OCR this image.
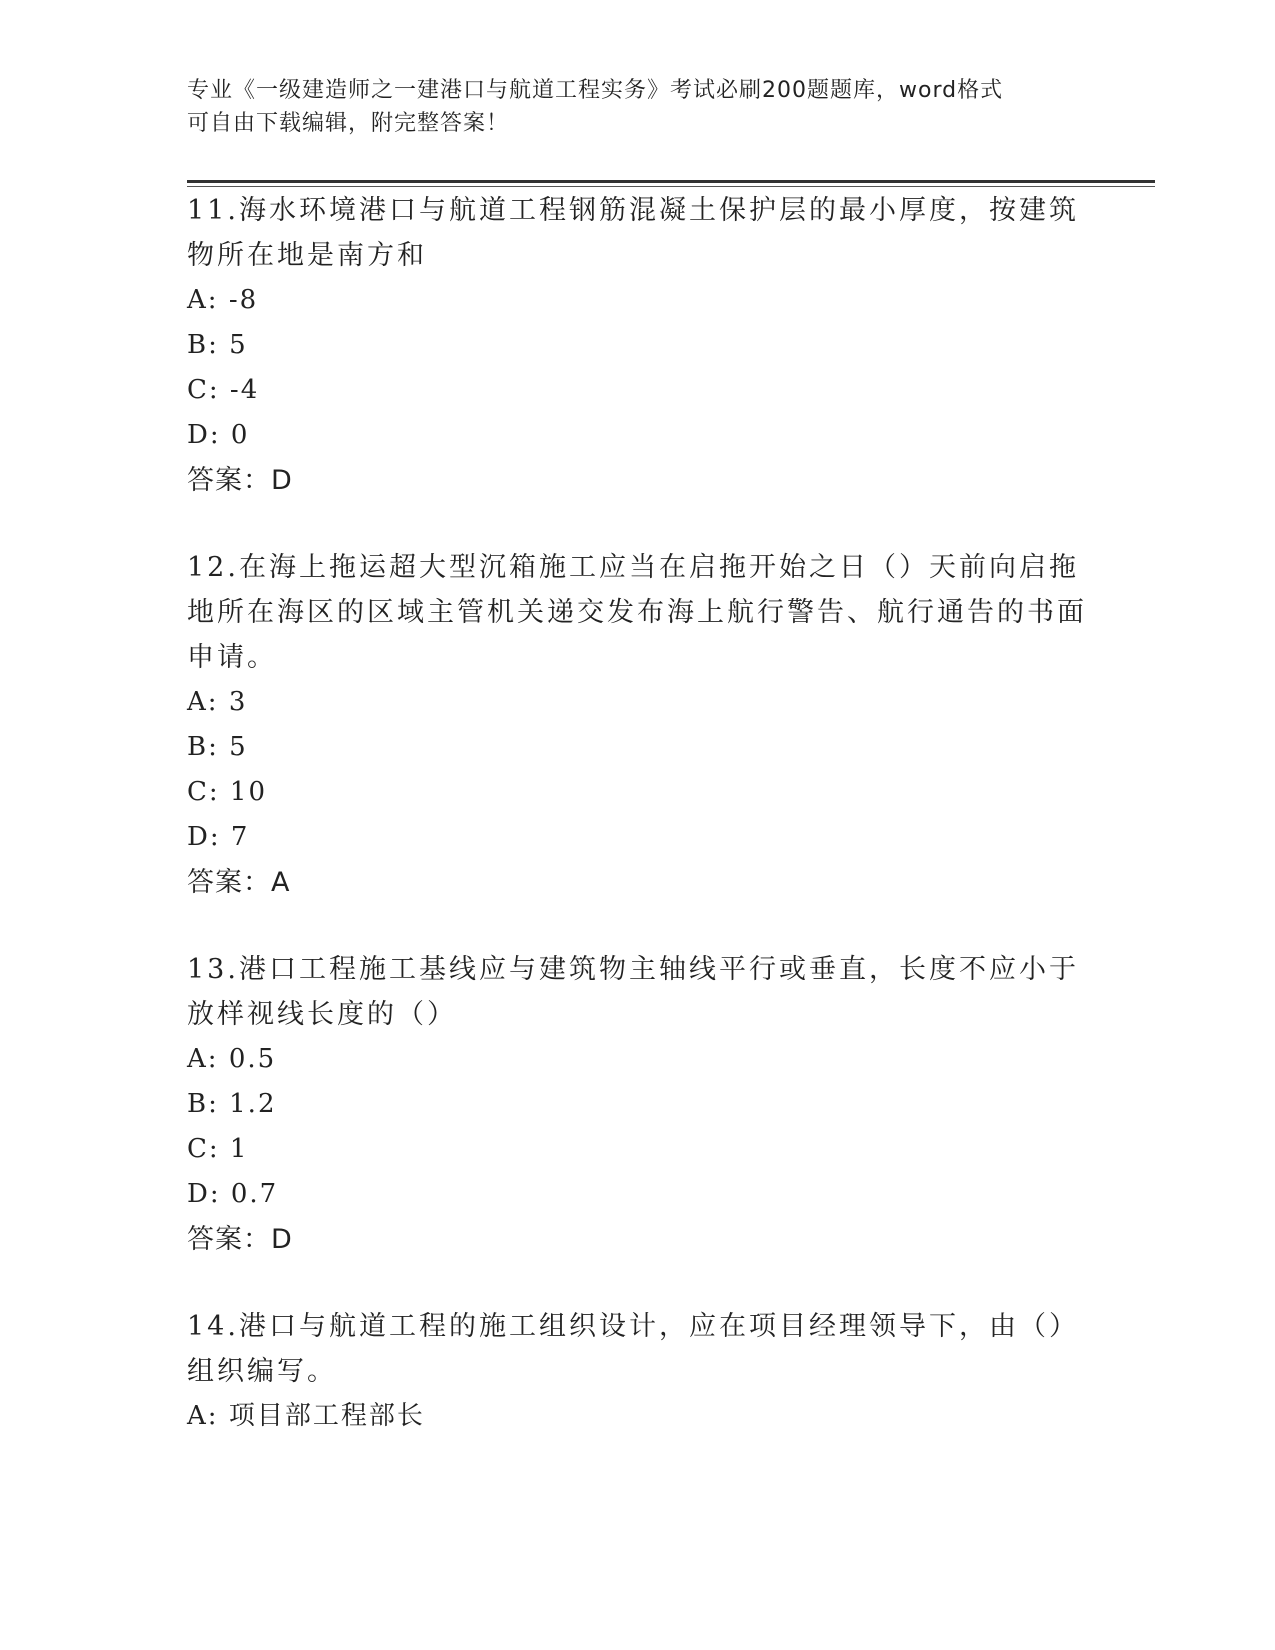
专业《一级建造师之一建港口与航道工程实务》考试必刷200题题库，word格式
可自由下载编辑，附完整答案！

11.海水环境港口与航道工程钢筋混凝土保护层的最小厚度，按建筑物所在地是南方和

A: -8

B: 5

C: -4

D: 0

答案：D

12.在海上拖运超大型沉箱施工应当在启拖开始之日（）天前向启拖地所在海区的区域主管机关递交发布海上航行警告、航行通告的书面申请。

A: 3

B: 5

C: 10

D: 7

答案：A

13.港口工程施工基线应与建筑物主轴线平行或垂直，长度不应小于放样视线长度的（）

A: 0.5

B: 1.2

C: 1

D: 0.7

答案：D

14.港口与航道工程的施工组织设计，应在项目经理领导下，由（）组织编写。

A: 项目部工程部长
